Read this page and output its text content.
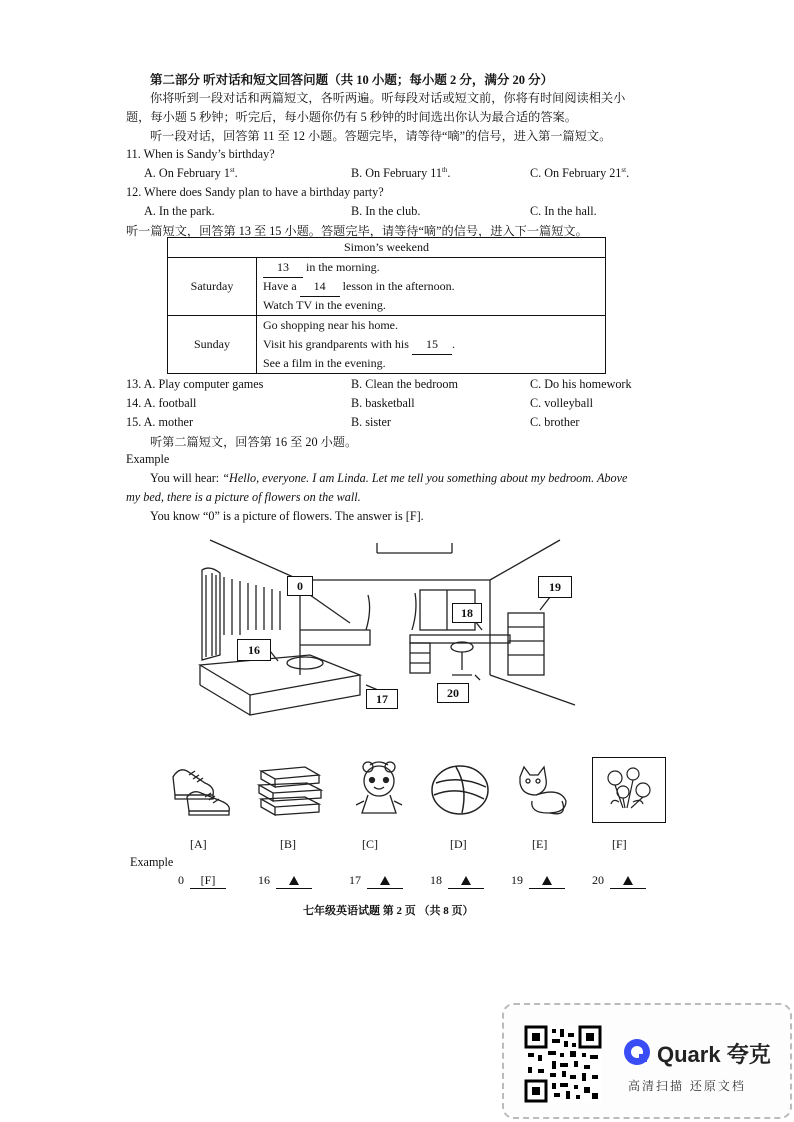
第二部分 听对话和短文回答问题（共 10 小题；每小题 2 分，满分 20 分）
你将听到一段对话和两篇短文，各听两遍。听每段对话或短文前，你将有时间阅读相关小
题，每小题 5 秒钟；听完后，每小题你仍有 5 秒钟的时间选出你认为最合适的答案。
听一段对话，回答第 11 至 12 小题。答题完毕，请等待“嘀”的信号，进入第一篇短文。
11. When is Sandy’s birthday?
A. On February 1st.	B. On February 11th.	C. On February 21st.
12. Where does Sandy plan to have a birthday party?
A. In the park.	B. In the club.	C. In the hall.
听一篇短文，回答第 13 至 15 小题。答题完毕，请等待“嘀”的信号，进入下一篇短文。
Simon’s weekend	
Saturday	13 in the morning.
Have a 14 lesson in the afternoon.
Watch TV in the evening.

Sunday	Go shopping near his home.
Visit his grandparents with his 15 .
See a film in the evening.
13. A. Play computer games	B. Clean the bedroom	C. Do his homework
14. A. football	B. basketball	C. volleyball
15. A. mother	B. sister	C. brother
听第二篇短文，回答第 16 至 20 小题。
Example
You will hear: “Hello, everyone. I am Linda. Let me tell you something about my bedroom. Above
my bed, there is a picture of flowers on the wall.
You know “0” is a picture of flowers. The answer is [F].
0
18
19
16
17	20
[A]	[B]	[C]	[D]	[E]	[F]
Example
0 [F]	16	17	18	19	20
七年级英语试题 第 2 页 （共 8 页）
Quark 夸克
高清扫描 还原文档
